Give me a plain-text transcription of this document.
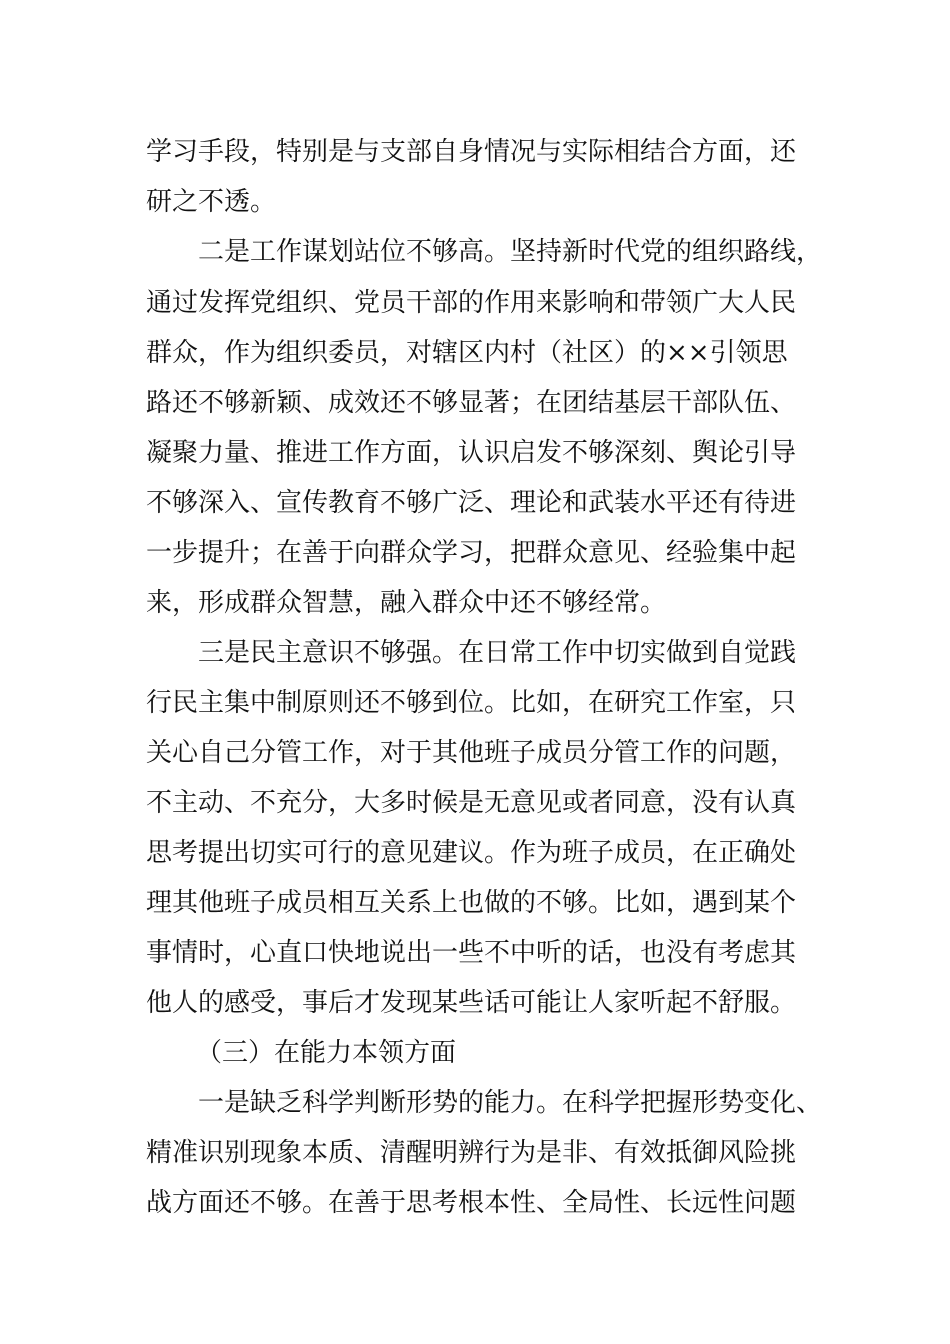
学习手段，特别是与支部自身情况与实际相结合方面，还
研之不透。
二是工作谋划站位不够高。坚持新时代党的组织路线，
通过发挥党组织、党员干部的作用来影响和带领广大人民
群众，作为组织委员，对辖区内村（社区）的××引领思
路还不够新颖、成效还不够显著；在团结基层干部队伍、
凝聚力量、推进工作方面，认识启发不够深刻、舆论引导
不够深入、宣传教育不够广泛、理论和武装水平还有待进
一步提升；在善于向群众学习，把群众意见、经验集中起
来，形成群众智慧，融入群众中还不够经常。
三是民主意识不够强。在日常工作中切实做到自觉践
行民主集中制原则还不够到位。比如，在研究工作室，只
关心自己分管工作，对于其他班子成员分管工作的问题，
不主动、不充分，大多时候是无意见或者同意，没有认真
思考提出切实可行的意见建议。作为班子成员，在正确处
理其他班子成员相互关系上也做的不够。比如，遇到某个
事情时，心直口快地说出一些不中听的话，也没有考虑其
他人的感受，事后才发现某些话可能让人家听起不舒服。
（三）在能力本领方面
一是缺乏科学判断形势的能力。在科学把握形势变化、
精准识别现象本质、清醒明辨行为是非、有效抵御风险挑
战方面还不够。在善于思考根本性、全局性、长远性问题
